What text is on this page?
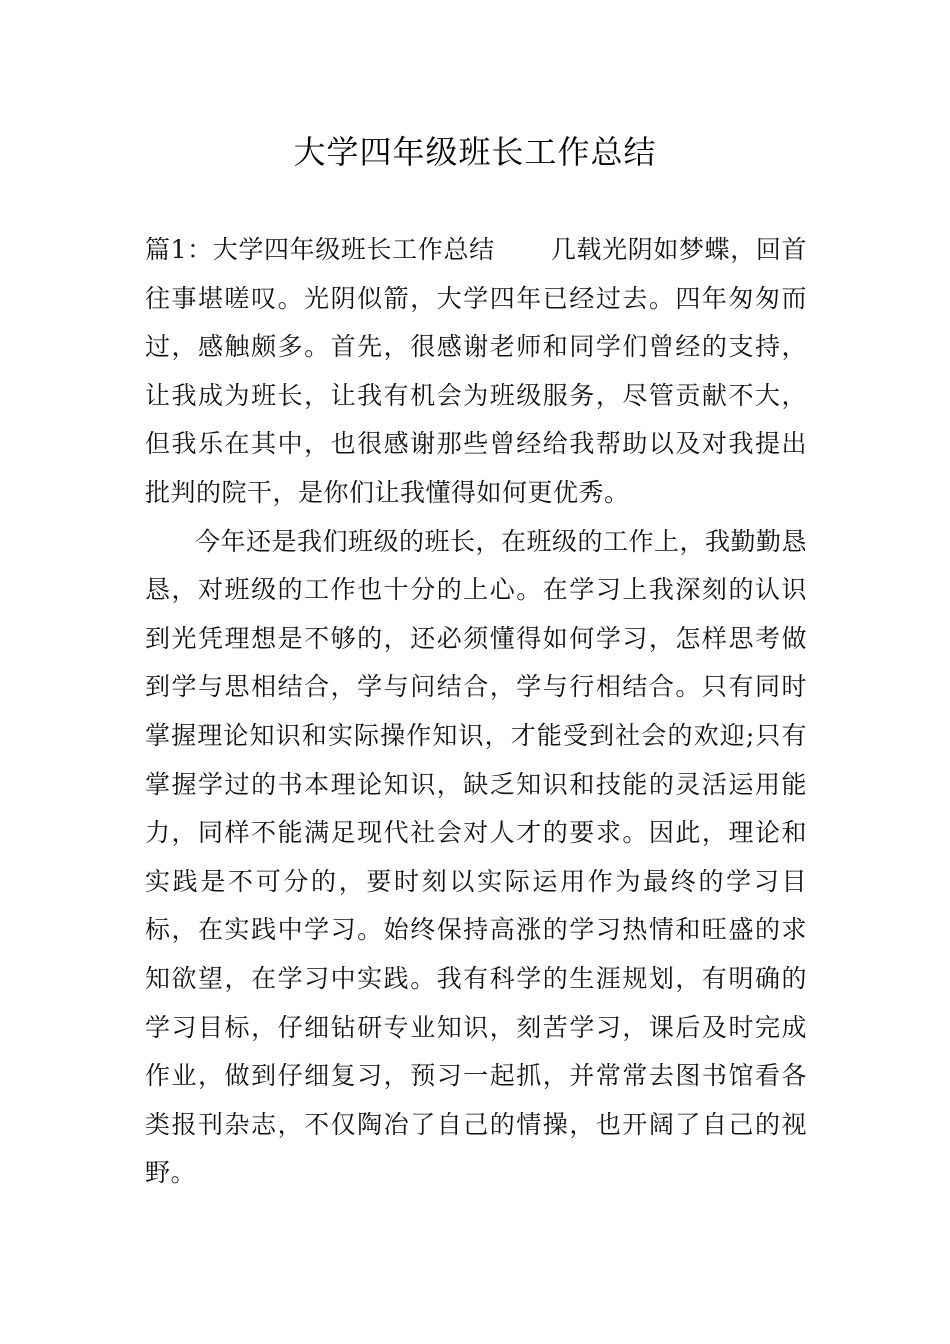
大学四年级班长工作总结

篇1：大学四年级班长工作总结 几载光阴如梦蝶，回首往事堪嗟叹。光阴似箭，大学四年已经过去。四年匆匆而过，感触颇多。首先，很感谢老师和同学们曾经的支持，让我成为班长，让我有机会为班级服务，尽管贡献不大，但我乐在其中，也很感谢那些曾经给我帮助以及对我提出批判的院干，是你们让我懂得如何更优秀。

今年还是我们班级的班长，在班级的工作上，我勤勤恳恳，对班级的工作也十分的上心。在学习上我深刻的认识到光凭理想是不够的，还必须懂得如何学习，怎样思考做到学与思相结合，学与问结合，学与行相结合。只有同时掌握理论知识和实际操作知识，才能受到社会的欢迎;只有掌握学过的书本理论知识，缺乏知识和技能的灵活运用能力，同样不能满足现代社会对人才的要求。因此，理论和实践是不可分的，要时刻以实际运用作为最终的学习目标，在实践中学习。始终保持高涨的学习热情和旺盛的求知欲望，在学习中实践。我有科学的生涯规划，有明确的学习目标，仔细钻研专业知识，刻苦学习，课后及时完成作业，做到仔细复习，预习一起抓，并常常去图书馆看各类报刊杂志，不仅陶冶了自己的情操，也开阔了自己的视野。
